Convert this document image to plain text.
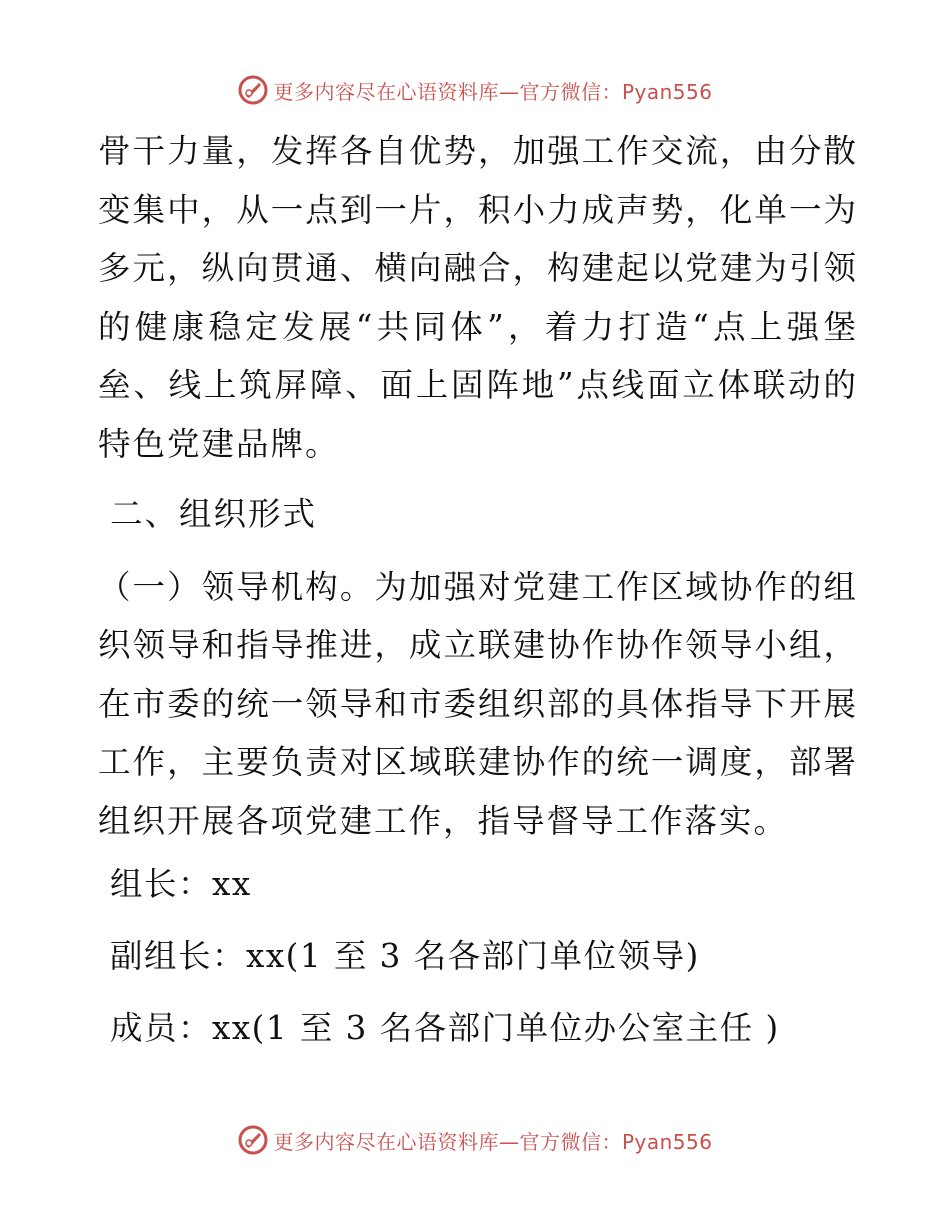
更多内容尽在心语资料库—官方微信：Pyan556

骨干力量，发挥各自优势，加强工作交流，由分散变集中，从一点到一片，积小力成声势，化单一为多元，纵向贯通、横向融合，构建起以党建为引领的健康稳定发展“共同体”，着力打造“点上强堡垒、线上筑屏障、面上固阵地”点线面立体联动的特色党建品牌。

二、组织形式

（一）领导机构。为加强对党建工作区域协作的组织领导和指导推进，成立联建协作协作领导小组，在市委的统一领导和市委组织部的具体指导下开展工作，主要负责对区域联建协作的统一调度，部署组织开展各项党建工作，指导督导工作落实。

组长：xx
副组长：xx(1 至 3 名各部门单位领导)
成员：xx(1 至 3 名各部门单位办公室主任 )
更多内容尽在心语资料库—官方微信：Pyan556
